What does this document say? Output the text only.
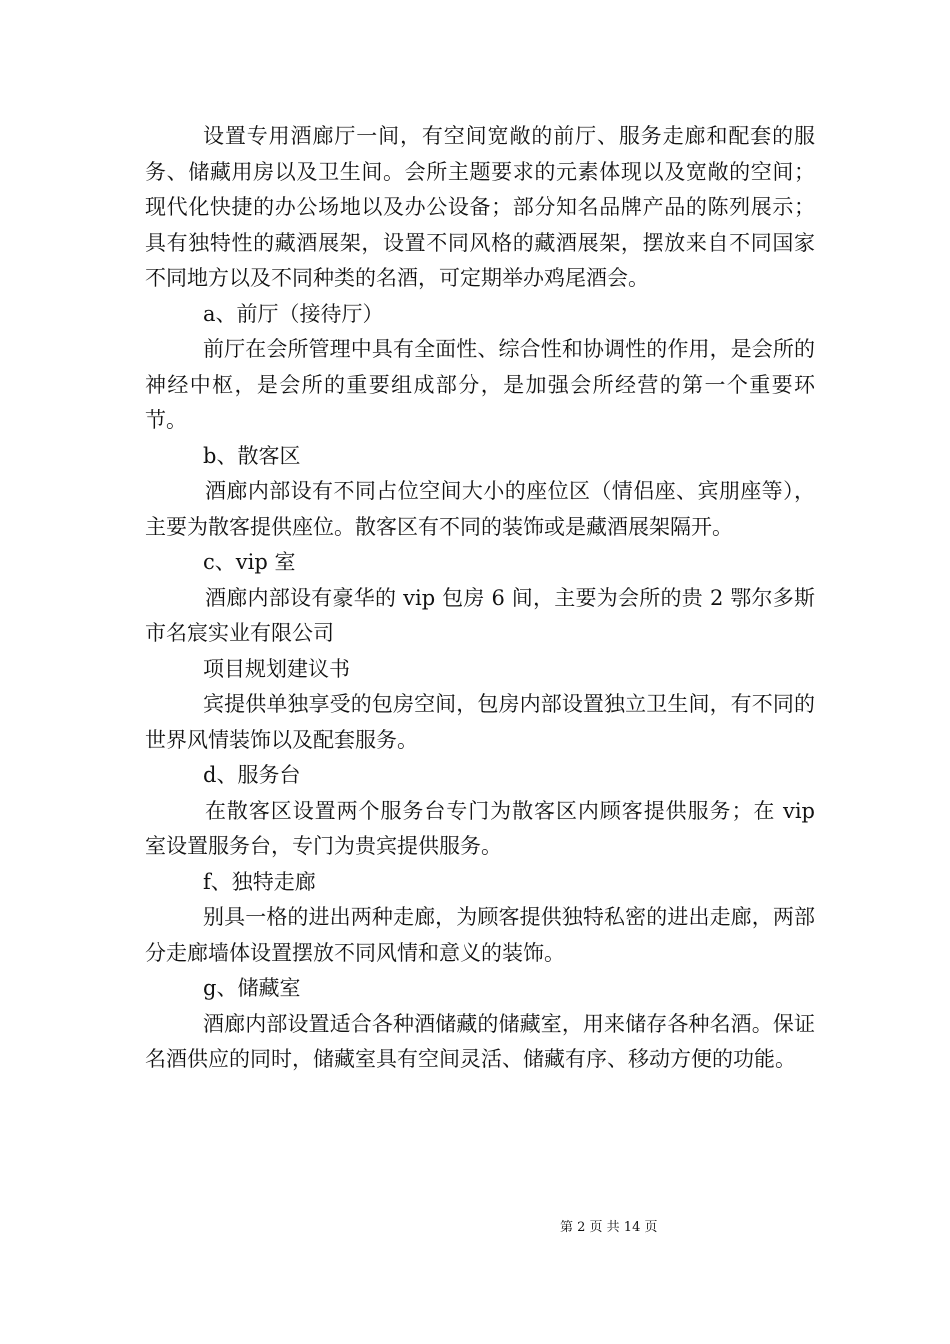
设置专用酒廊厅一间，有空间宽敞的前厅、服务走廊和配套的服务、储藏用房以及卫生间。会所主题要求的元素体现以及宽敞的空间；现代化快捷的办公场地以及办公设备；部分知名品牌产品的陈列展示；具有独特性的藏酒展架，设置不同风格的藏酒展架，摆放来自不同国家不同地方以及不同种类的名酒，可定期举办鸡尾酒会。

a、前厅（接待厅）

前厅在会所管理中具有全面性、综合性和协调性的作用，是会所的神经中枢，是会所的重要组成部分，是加强会所经营的第一个重要环节。

b、散客区

酒廊内部设有不同占位空间大小的座位区（情侣座、宾朋座等），主要为散客提供座位。散客区有不同的装饰或是藏酒展架隔开。

c、vip 室

酒廊内部设有豪华的 vip 包房 6 间，主要为会所的贵 2 鄂尔多斯市名宸实业有限公司

项目规划建议书

宾提供单独享受的包房空间，包房内部设置独立卫生间，有不同的世界风情装饰以及配套服务。

d、服务台

在散客区设置两个服务台专门为散客区内顾客提供服务；在 vip 室设置服务台，专门为贵宾提供服务。

f、独特走廊

别具一格的进出两种走廊，为顾客提供独特私密的进出走廊，两部分走廊墙体设置摆放不同风情和意义的装饰。

g、储藏室

酒廊内部设置适合各种酒储藏的储藏室，用来储存各种名酒。保证名酒供应的同时，储藏室具有空间灵活、储藏有序、移动方便的功能。

第 2 页 共 14 页
